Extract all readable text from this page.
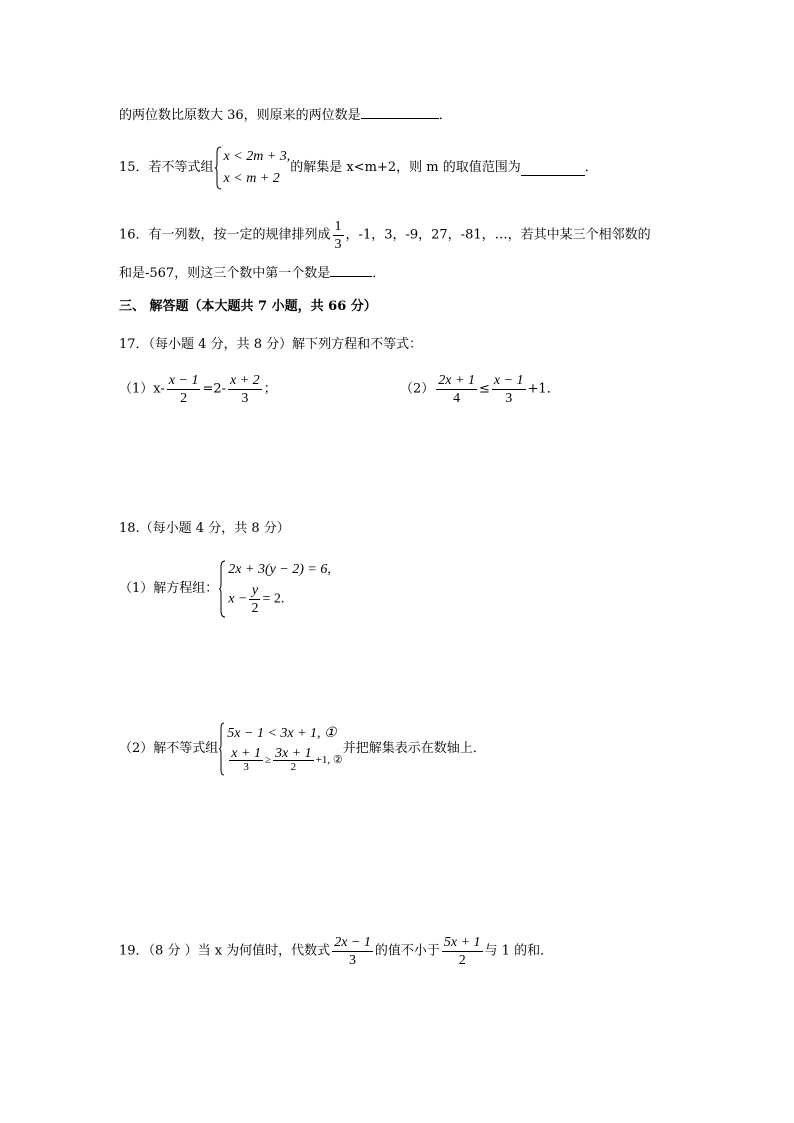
的两位数比原数大 36，则原来的两位数是	．
15．若不等式组
x < 2m + 3,
x < m + 2
的解集是 x<m+2，则 m 的取值范围为	．
16．有一列数，按一定的规律排列成 $\frac{1}{3}$ ，-1，3，-9，27，-81，…，若其中某三个相邻数的
和是-567，则这三个数中第一个数是	．
三、 解答题（本大题共 7 小题，共 66 分）
17．（每小题 4 分，共 8 分）解下列方程和不等式：
$(1)x- \frac{x - 1}{2} =2- \frac{x + 2}{3}$ ；	$(2) \frac{2x + 1}{4} \le \frac{x - 1}{3} +1$．
18.（每小题 4 分，共 8 分）
（1）解方程组：
2x + 3(y − 2) = 6,
$x - \frac{y}{2} = 2$.
（2）解不等式组
5x − 1 < 3x + 1, ①
$\frac{x + 1}{3} \ge \frac{3x + 1}{2} +1$, ②
并把解集表示在数轴上．
19．（8 分 ）当 x 为何值时，代数式 $\frac{2x - 1}{3}$ 的值不小于 $\frac{5x + 1}{2}$ 与 1 的和．
